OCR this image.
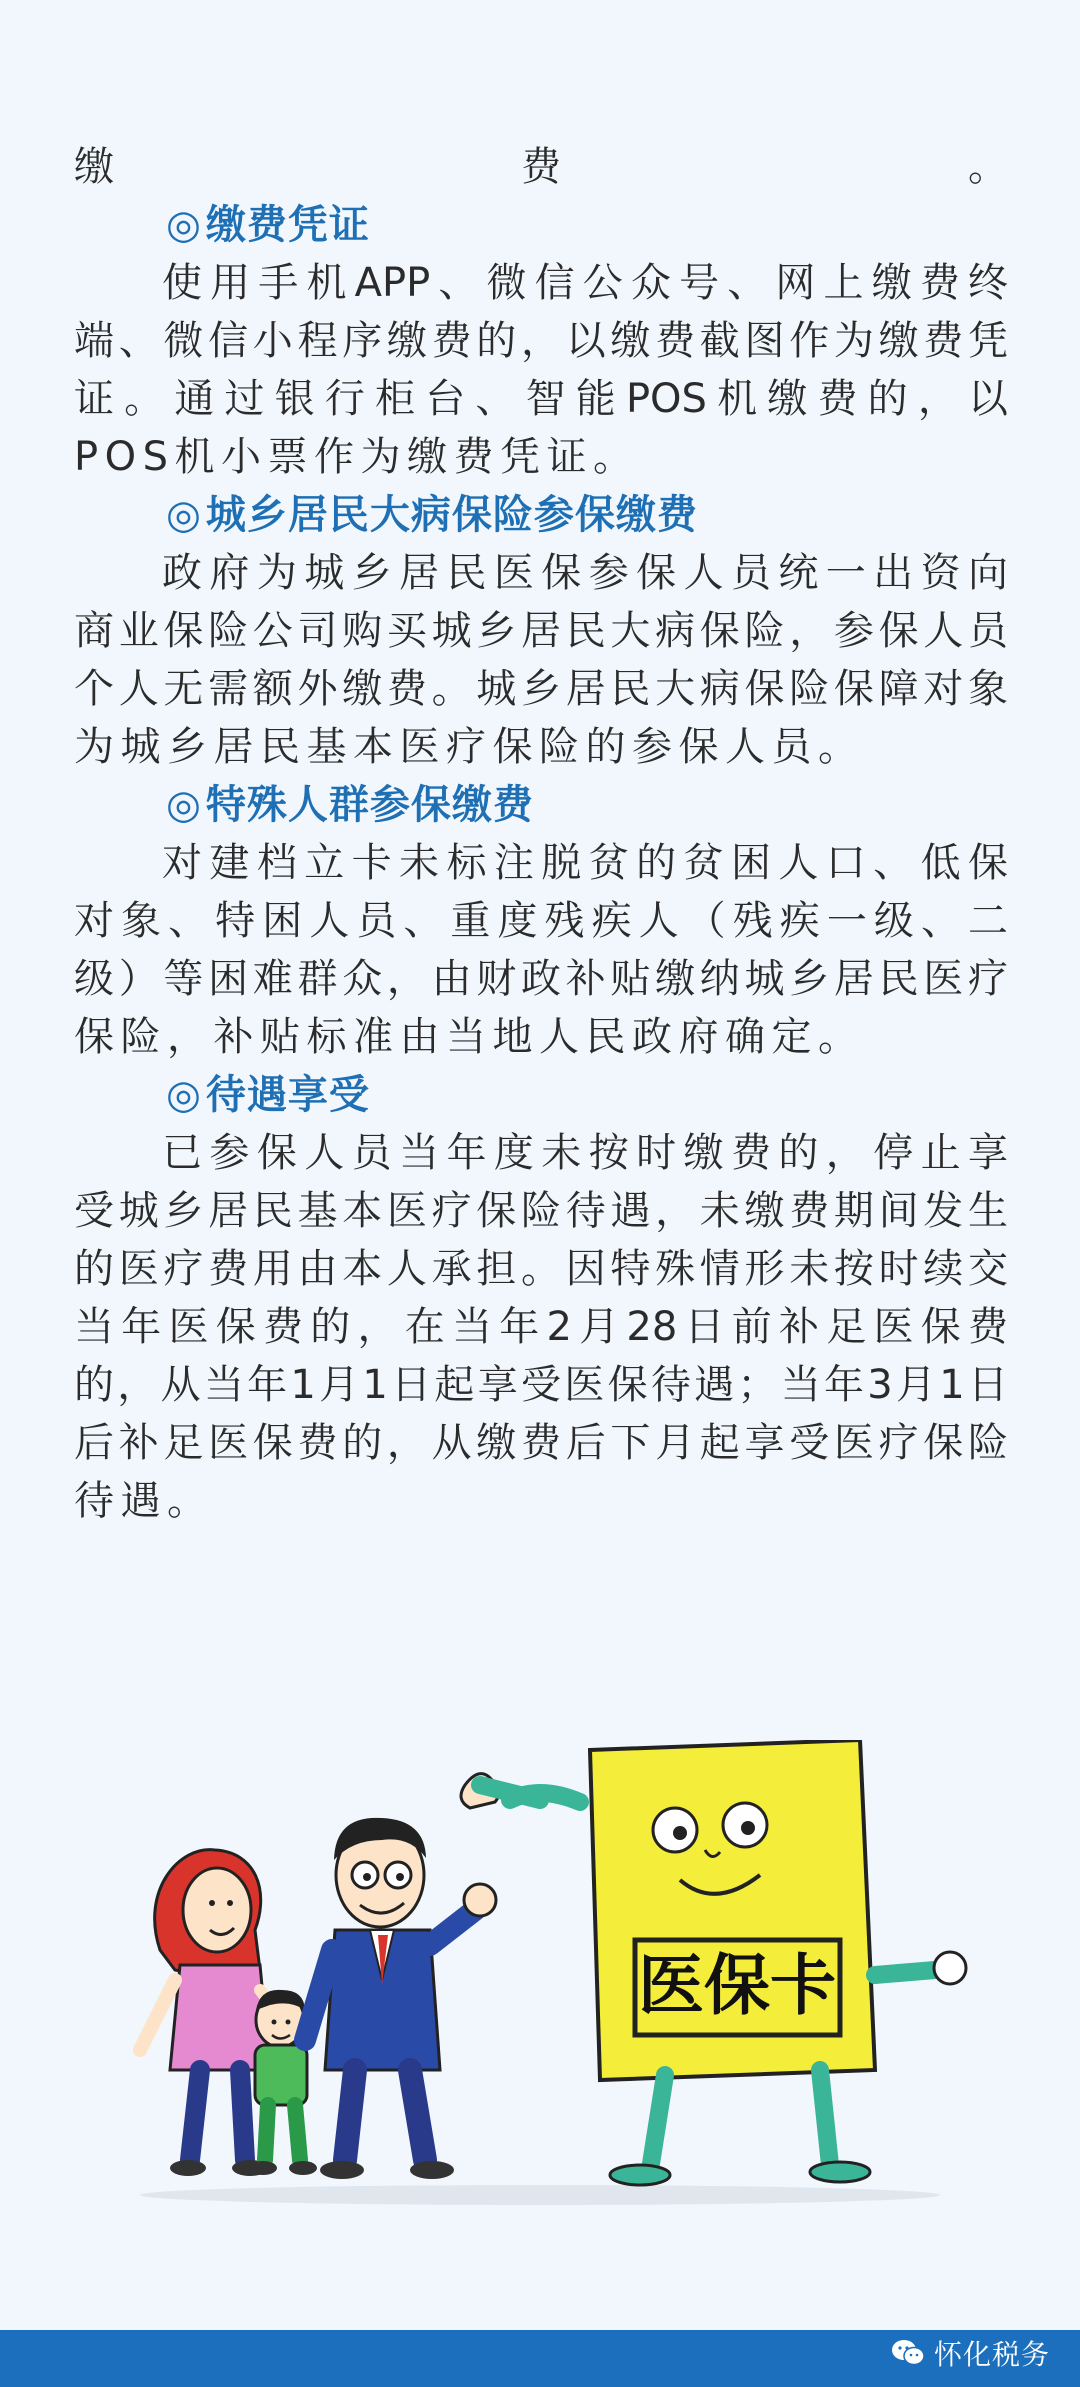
缴费。

◎ 缴费凭证

使用手机APP、微信公众号、网上缴费终

端、微信小程序缴费的，以缴费截图作为缴费凭

证。通过银行柜台、智能POS机缴费的，以

POS机小票作为缴费凭证。

◎ 城乡居民大病保险参保缴费

政府为城乡居民医保参保人员统一出资向

商业保险公司购买城乡居民大病保险，参保人员

个人无需额外缴费。城乡居民大病保险保障对象

为城乡居民基本医疗保险的参保人员。

◎ 特殊人群参保缴费

对建档立卡未标注脱贫的贫困人口、低保

对象、特困人员、重度残疾人（残疾一级、二

级）等困难群众，由财政补贴缴纳城乡居民医疗

保险，补贴标准由当地人民政府确定。

◎ 待遇享受

已参保人员当年度未按时缴费的，停止享

受城乡居民基本医疗保险待遇，未缴费期间发生

的医疗费用由本人承担。因特殊情形未按时续交

当年医保费的，在当年2月28日前补足医保费

的，从当年1月1日起享受医保待遇；当年3月1日

后补足医保费的，从缴费后下月起享受医疗保险

待遇。

医保卡
怀化税务
